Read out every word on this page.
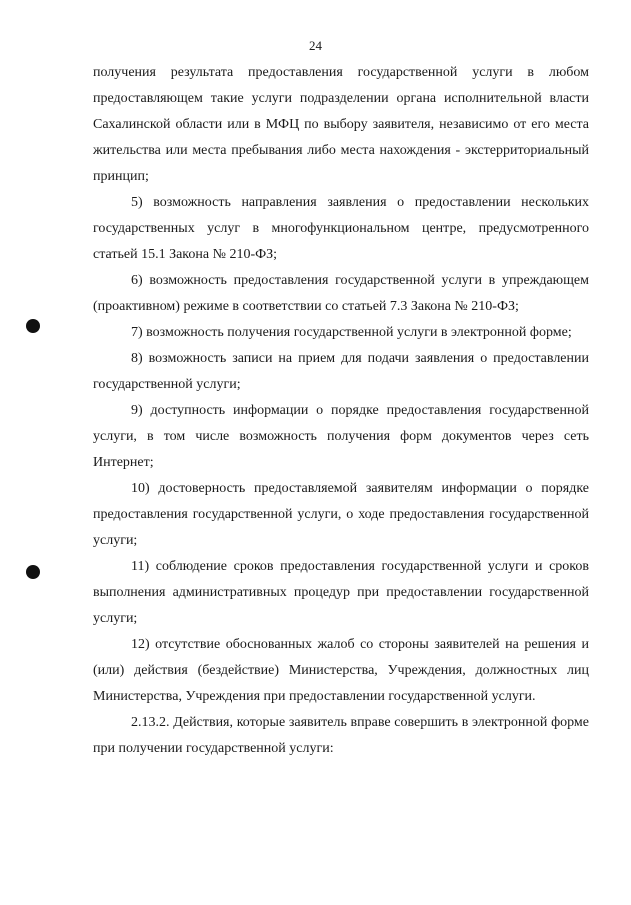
24

получения результата предоставления государственной услуги в любом предоставляющем такие услуги подразделении органа исполнительной власти Сахалинской области или в МФЦ по выбору заявителя, независимо от его места жительства или места пребывания либо места нахождения - экстерриториальный принцип;

5) возможность направления заявления о предоставлении нескольких государственных услуг в многофункциональном центре, предусмотренного статьей 15.1 Закона № 210-ФЗ;

6) возможность предоставления государственной услуги в упреждающем (проактивном) режиме в соответствии со статьей 7.3 Закона № 210-ФЗ;

7) возможность получения государственной услуги в электронной форме;

8) возможность записи на прием для подачи заявления о предоставлении государственной услуги;

9) доступность информации о порядке предоставления государственной услуги, в том числе возможность получения форм документов через сеть Интернет;

10) достоверность предоставляемой заявителям информации о порядке предоставления государственной услуги, о ходе предоставления государственной услуги;

11) соблюдение сроков предоставления государственной услуги и сроков выполнения административных процедур при предоставлении государственной услуги;

12) отсутствие обоснованных жалоб со стороны заявителей на решения и (или) действия (бездействие) Министерства, Учреждения, должностных лиц Министерства, Учреждения при предоставлении государственной услуги.

2.13.2. Действия, которые заявитель вправе совершить в электронной форме при получении государственной услуги:
